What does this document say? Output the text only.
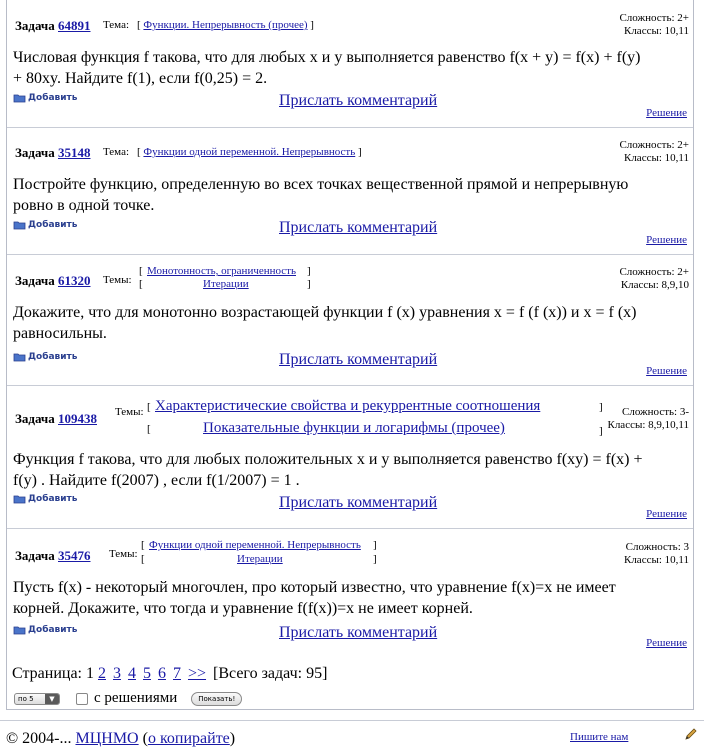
Задача 64891 Тема: [ Функции. Непрерывность (прочее) ]
Сложность: 2+
Классы: 10,11
Числовая функция f такова, что для любых x и y выполняется равенство f(x + y) = f(x) + f(y)
+ 80xy. Найдите f(1), если f(0,25) = 2.
Добавить	Прислать комментарий
Решение
Задача 35148 Тема: [ Функции одной переменной. Непрерывность ]
Сложность: 2+
Классы: 10,11
Постройте функцию, определенную во всех точках вещественной прямой и непрерывную
ровно в одной точке.
Добавить	Прислать комментарий
Решение
Задача 61320 Темы:
[ Монотонность, ограниченность ]
[	Итерации	]
Сложность: 2+
Классы: 8,9,10
Докажите, что для монотонно возрастающей функции f (x) уравнения x = f (f (x)) и x = f (x)
равносильны.
Добавить	Прислать комментарий
Решение
Задача 109438 Темы: [ Характеристические свойства и рекуррентные соотношения	]
[	Показательные функции и логарифмы (прочее)	]
Сложность: 3-
Классы: 8,9,10,11
Функция f такова, что для любых положительных x и y выполняется равенство f(xy) = f(x) +
f(y) . Найдите f(2007) , если f(1/2007) = 1 .
Добавить	Прислать комментарий
Решение
Задача 35476 Темы:
[ Функции одной переменной. Непрерывность ]
[	Итерации	]
Сложность: 3
Классы: 10,11
Пусть f(x) - некоторый многочлен, про который известно, что уравнение f(x)=x не имеет
корней. Докажите, что тогда и уравнение f(f(x))=x не имеет корней.
Добавить	Прислать комментарий
Решение
Страница: 1 2 3 4 5 6 7 >> [Всего задач: 95]
по 5	▼	с решениями	Показать!
© 2004-... МЦНМО (о копирайте)	Пишите нам
